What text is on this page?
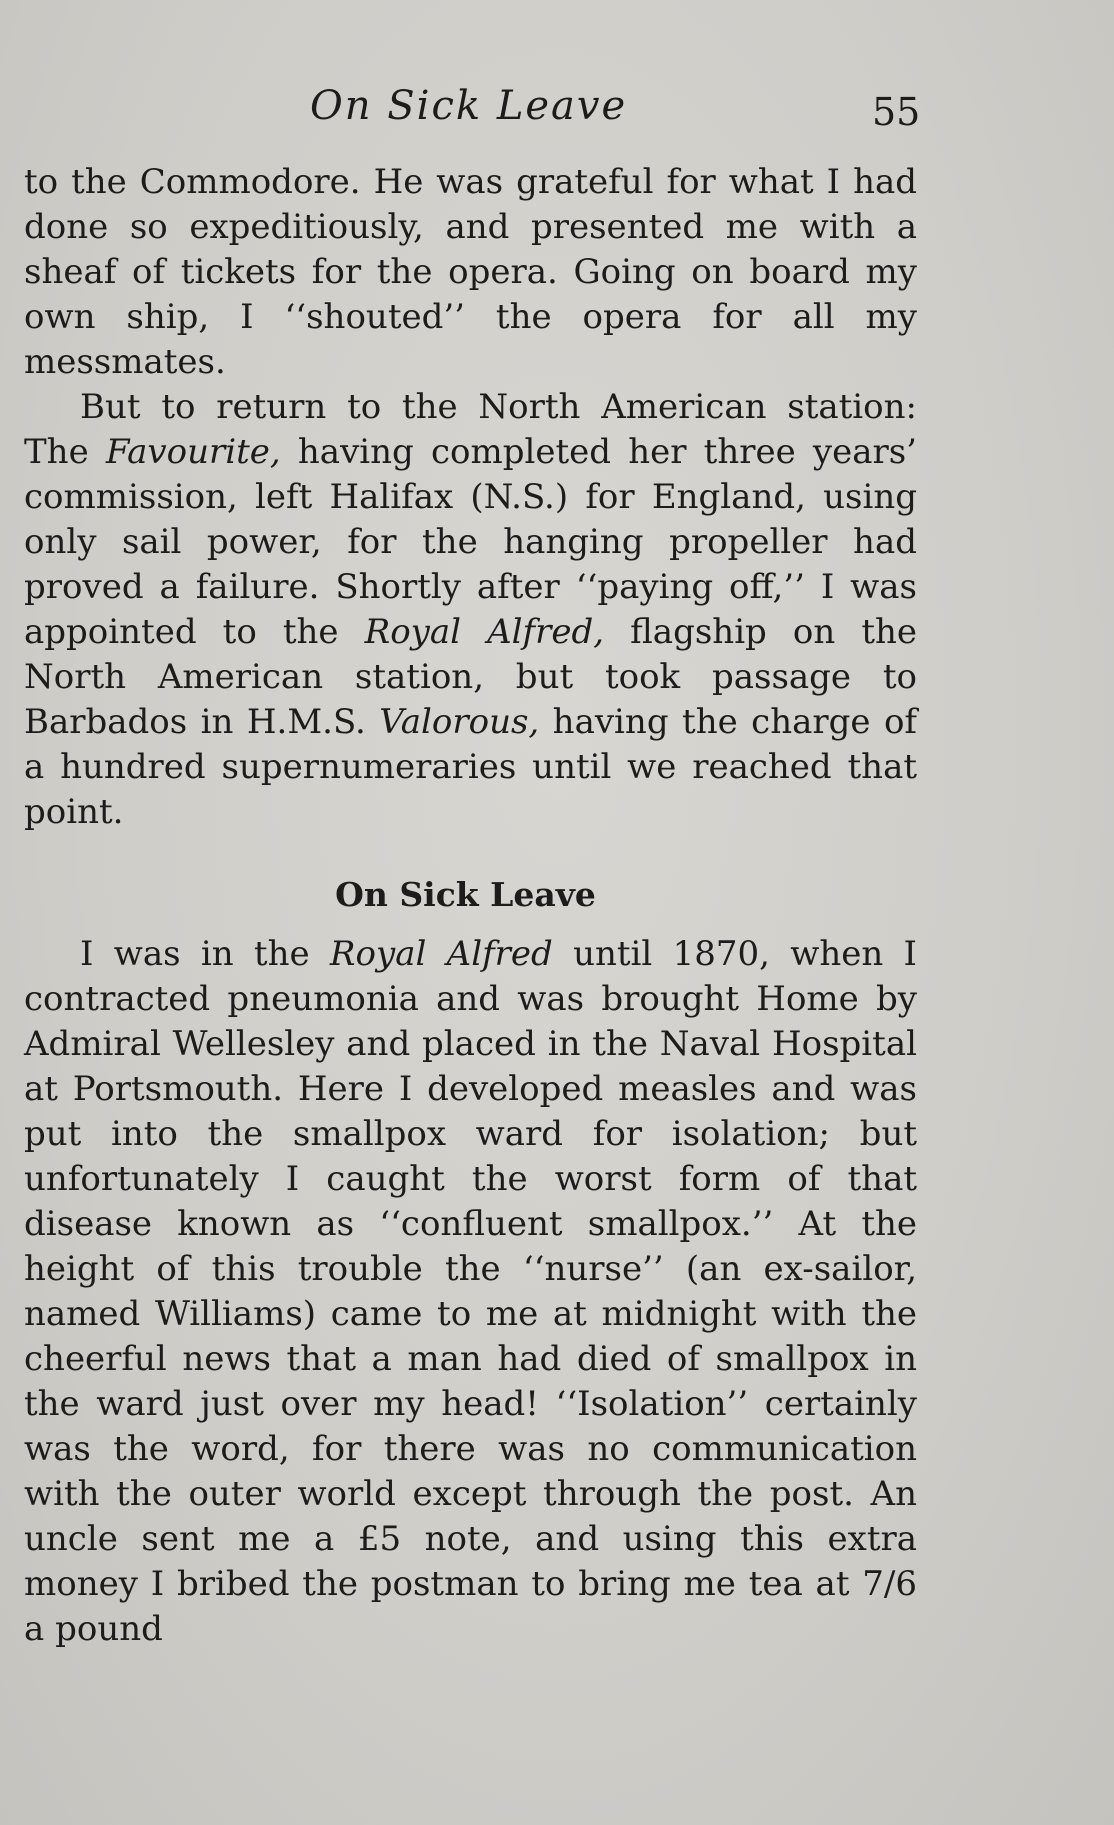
On Sick Leave	55

to the Commodore. He was grateful for what I had done so expeditiously, and presented me with a sheaf of tickets for the opera. Going on board my own ship, I ‘‘shouted’’ the opera for all my messmates.

But to return to the North American station: The Favourite, having completed her three years’ commission, left Halifax (N.S.) for England, using only sail power, for the hanging propeller had proved a failure. Shortly after ‘‘paying off,’’ I was appointed to the Royal Alfred, flagship on the North American station, but took passage to Barbados in H.M.S. Valorous, having the charge of a hundred supernumeraries until we reached that point.

On Sick Leave

I was in the Royal Alfred until 1870, when I contracted pneumonia and was brought Home by Admiral Wellesley and placed in the Naval Hospital at Portsmouth. Here I developed measles and was put into the smallpox ward for isolation; but unfortunately I caught the worst form of that disease known as ‘‘confluent smallpox.’’ At the height of this trouble the ‘‘nurse’’ (an ex-sailor, named Williams) came to me at midnight with the cheerful news that a man had died of smallpox in the ward just over my head! ‘‘Isolation’’ certainly was the word, for there was no communication with the outer world except through the post. An uncle sent me a £5 note, and using this extra money I bribed the postman to bring me tea at 7/6 a pound
